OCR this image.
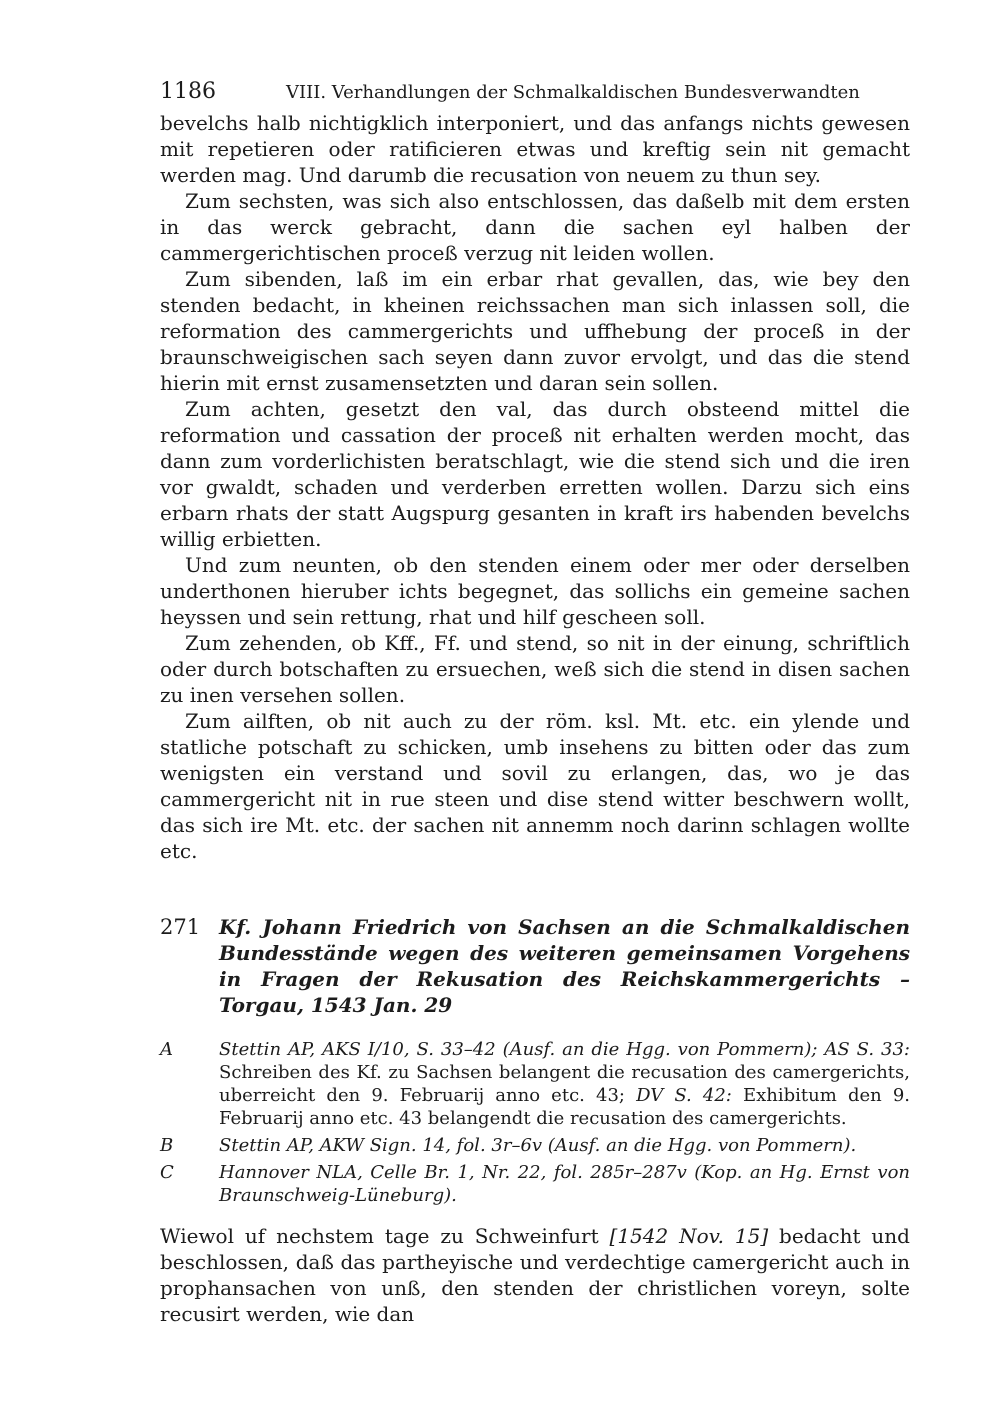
1186	VIII. Verhandlungen der Schmalkaldischen Bundesverwandten

bevelchs halb nichtigklich interponiert, und das anfangs nichts gewesen mit repetieren oder ratificieren etwas und kreftig sein nit gemacht werden mag. Und darumb die recusation von neuem zu thun sey.

Zum sechsten, was sich also entschlossen, das daßelb mit dem ersten in das werck gebracht, dann die sachen eyl halben der cammergerichtischen proceß verzug nit leiden wollen.

Zum sibenden, laß im ein erbar rhat gevallen, das, wie bey den stenden bedacht, in kheinen reichssachen man sich inlassen soll, die reformation des cammergerichts und uffhebung der proceß in der braunschweigischen sach seyen dann zuvor ervolgt, und das die stend hierin mit ernst zusamensetzten und daran sein sollen.

Zum achten, gesetzt den val, das durch obsteend mittel die reformation und cassation der proceß nit erhalten werden mocht, das dann zum vorderlichisten beratschlagt, wie die stend sich und die iren vor gwaldt, schaden und verderben erretten wollen. Darzu sich eins erbarn rhats der statt Augspurg gesanten in kraft irs habenden bevelchs willig erbietten.

Und zum neunten, ob den stenden einem oder mer oder derselben underthonen hieruber ichts begegnet, das sollichs ein gemeine sachen heyssen und sein rettung, rhat und hilf gescheen soll.

Zum zehenden, ob Kff., Ff. und stend, so nit in der einung, schriftlich oder durch botschaften zu ersuechen, weß sich die stend in disen sachen zu inen versehen sollen.

Zum ailften, ob nit auch zu der röm. ksl. Mt. etc. ein ylende und statliche potschaft zu schicken, umb insehens zu bitten oder das zum wenigsten ein verstand und sovil zu erlangen, das, wo je das cammergericht nit in rue steen und dise stend witter beschwern wollt, das sich ire Mt. etc. der sachen nit annemm noch darinn schlagen wollte etc.

271 Kf. Johann Friedrich von Sachsen an die Schmalkaldischen Bundesstände wegen des weiteren gemeinsamen Vorgehens in Fragen der Rekusation des Reichskammergerichts – Torgau, 1543 Jan. 29
A	Stettin AP, AKS I/10, S. 33–42 (Ausf. an die Hgg. von Pommern); AS S. 33: Schreiben des Kf. zu Sachsen belangent die recusation des camergerichts, uberreicht den 9. Februarij anno etc. 43; DV S. 42: Exhibitum den 9. Februarij anno etc. 43 belangendt die recusation des camergerichts.
B	Stettin AP, AKW Sign. 14, fol. 3r–6v (Ausf. an die Hgg. von Pommern).
C	Hannover NLA, Celle Br. 1, Nr. 22, fol. 285r–287v (Kop. an Hg. Ernst von Braunschweig-Lüneburg).

Wiewol uf nechstem tage zu Schweinfurt [1542 Nov. 15] bedacht und beschlossen, daß das partheyische und verdechtige camergericht auch in prophansachen von unß, den stenden der christlichen voreyn, solte recusirt werden, wie dan
